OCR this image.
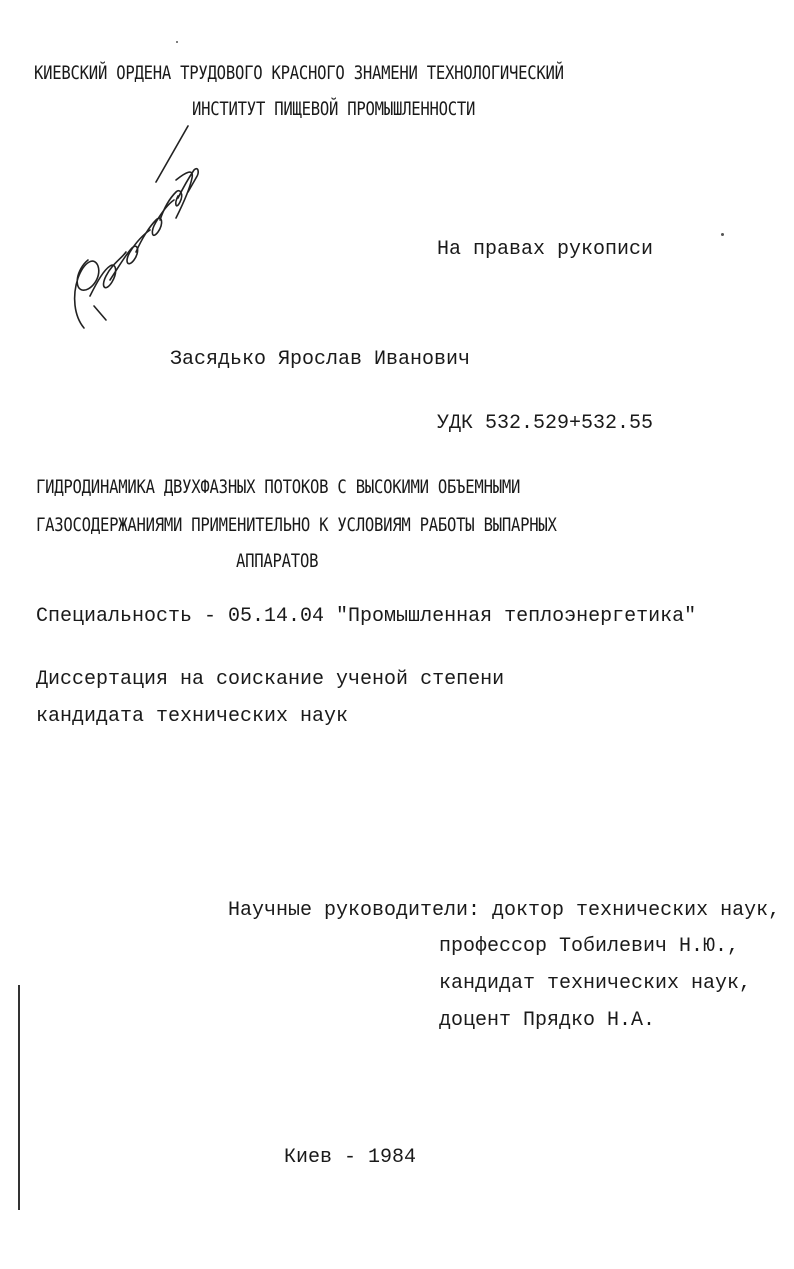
КИЕВСКИЙ ОРДЕНА ТРУДОВОГО КРАСНОГО ЗНАМЕНИ ТЕХНОЛОГИЧЕСКИЙ
ИНСТИТУТ ПИЩЕВОЙ ПРОМЫШЛЕННОСТИ
На правах рукописи
Засядько Ярослав Иванович
УДК 532.529+532.55
ГИДРОДИНАМИКА ДВУХФАЗНЫХ ПОТОКОВ С ВЫСОКИМИ ОБЪЕМНЫМИ
ГАЗОСОДЕРЖАНИЯМИ ПРИМЕНИТЕЛЬНО К УСЛОВИЯМ РАБОТЫ ВЫПАРНЫХ
АППАРАТОВ
Специальность - 05.14.04 "Промышленная теплоэнергетика"
Диссертация на соискание ученой степени
кандидата технических наук
Научные руководители: доктор технических наук,
профессор Тобилевич Н.Ю.,
кандидат технических наук,
доцент Прядко Н.А.
Киев - 1984
